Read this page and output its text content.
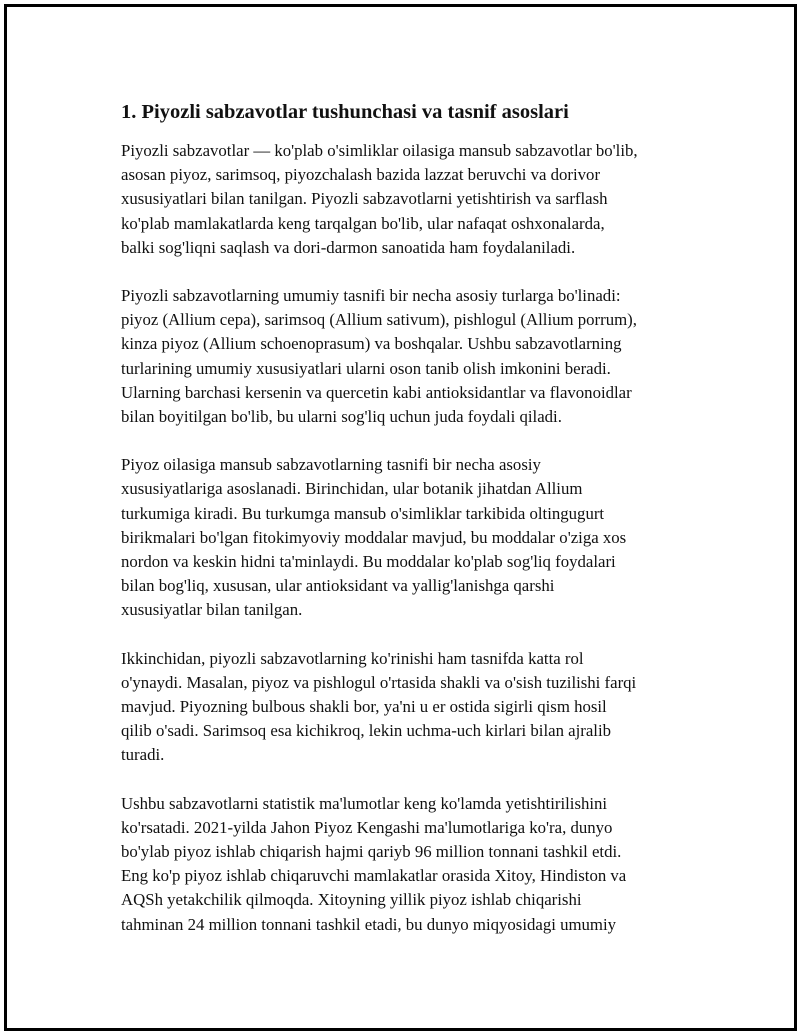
1. Piyozli sabzavotlar tushunchasi va tasnif asoslari

Piyozli sabzavotlar — ko'plab o'simliklar oilasiga mansub sabzavotlar bo'lib,
asosan piyoz, sarimsoq, piyozchalash bazida lazzat beruvchi va dorivor
xususiyatlari bilan tanilgan. Piyozli sabzavotlarni yetishtirish va sarflash
ko'plab mamlakatlarda keng tarqalgan bo'lib, ular nafaqat oshxonalarda,
balki sog'liqni saqlash va dori-darmon sanoatida ham foydalaniladi.

Piyozli sabzavotlarning umumiy tasnifi bir necha asosiy turlarga bo'linadi:
piyoz (Allium cepa), sarimsoq (Allium sativum), pishlogul (Allium porrum),
kinza piyoz (Allium schoenoprasum) va boshqalar. Ushbu sabzavotlarning
turlarining umumiy xususiyatlari ularni oson tanib olish imkonini beradi.
Ularning barchasi kersenin va quercetin kabi antioksidantlar va flavonoidlar
bilan boyitilgan bo'lib, bu ularni sog'liq uchun juda foydali qiladi.

Piyoz oilasiga mansub sabzavotlarning tasnifi bir necha asosiy
xususiyatlariga asoslanadi. Birinchidan, ular botanik jihatdan Allium
turkumiga kiradi. Bu turkumga mansub o'simliklar tarkibida oltingugurt
birikmalari bo'lgan fitokimyoviy moddalar mavjud, bu moddalar o'ziga xos
nordon va keskin hidni ta'minlaydi. Bu moddalar ko'plab sog'liq foydalari
bilan bog'liq, xususan, ular antioksidant va yallig'lanishga qarshi
xususiyatlar bilan tanilgan.

Ikkinchidan, piyozli sabzavotlarning ko'rinishi ham tasnifda katta rol
o'ynaydi. Masalan, piyoz va pishlogul o'rtasida shakli va o'sish tuzilishi farqi
mavjud. Piyozning bulbous shakli bor, ya'ni u er ostida sigirli qism hosil
qilib o'sadi. Sarimsoq esa kichikroq, lekin uchma-uch kirlari bilan ajralib
turadi.

Ushbu sabzavotlarni statistik ma'lumotlar keng ko'lamda yetishtirilishini
ko'rsatadi. 2021-yilda Jahon Piyoz Kengashi ma'lumotlariga ko'ra, dunyo
bo'ylab piyoz ishlab chiqarish hajmi qariyb 96 million tonnani tashkil etdi.
Eng ko'p piyoz ishlab chiqaruvchi mamlakatlar orasida Xitoy, Hindiston va
AQSh yetakchilik qilmoqda. Xitoyning yillik piyoz ishlab chiqarishi
tahminan 24 million tonnani tashkil etadi, bu dunyo miqyosidagi umumiy
